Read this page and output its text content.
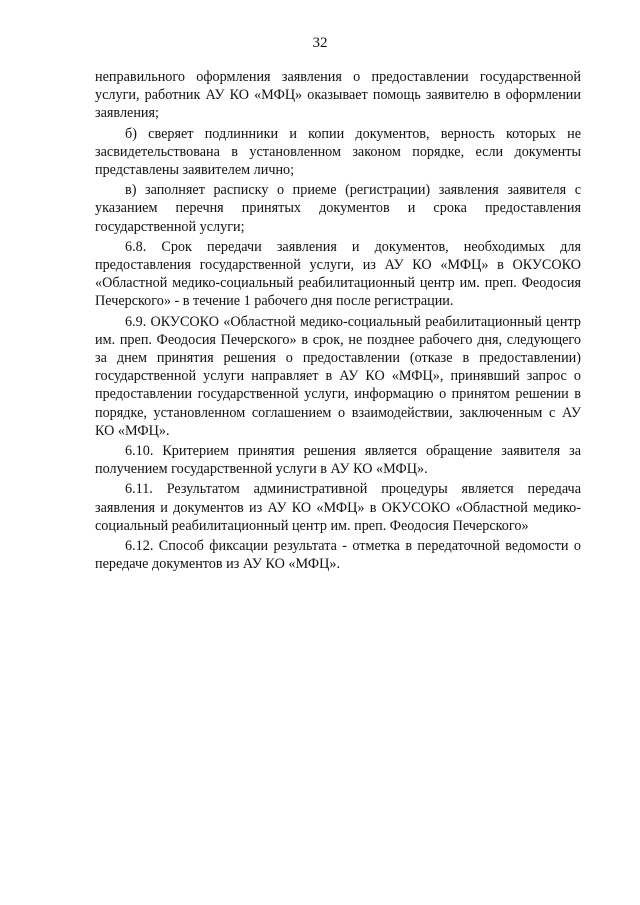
32

неправильного оформления заявления о предоставлении государственной услуги, работник АУ КО «МФЦ» оказывает помощь заявителю в оформлении заявления;

б) сверяет подлинники и копии документов, верность которых не засвидетельствована в установленном законом порядке, если документы представлены заявителем лично;

в) заполняет расписку о приеме (регистрации) заявления заявителя с указанием перечня принятых документов и срока предоставления государственной услуги;

6.8. Срок передачи заявления и документов, необходимых для предоставления государственной услуги, из АУ КО «МФЦ» в ОКУСОКО «Областной медико-социальный реабилитационный центр им. преп. Феодосия Печерского» - в течение 1 рабочего дня после регистрации.

6.9. ОКУСОКО «Областной медико-социальный реабилитационный центр им. преп. Феодосия Печерского» в срок, не позднее рабочего дня, следующего за днем принятия решения о предоставлении (отказе в предоставлении) государственной услуги направляет в АУ КО «МФЦ», принявший запрос о предоставлении государственной услуги, информацию о принятом решении в порядке, установленном соглашением о взаимодействии, заключенным с АУ КО «МФЦ».

6.10. Критерием принятия решения является обращение заявителя за получением государственной услуги в АУ КО «МФЦ».

6.11. Результатом административной процедуры является передача заявления и документов из АУ КО «МФЦ» в ОКУСОКО «Областной медико-социальный реабилитационный центр им. преп. Феодосия Печерского»

6.12. Способ фиксации результата - отметка в передаточной ведомости о передаче документов из АУ КО «МФЦ».
